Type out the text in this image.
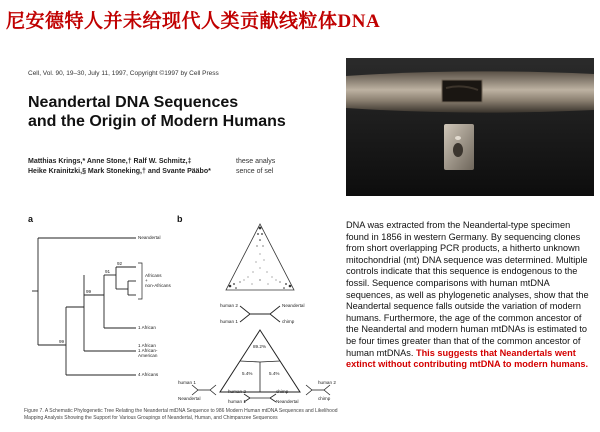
尼安德特人并未给现代人类贡献线粒体DNA
Cell, Vol. 90, 19–30, July 11, 1997, Copyright ©1997 by Cell Press
Neandertal DNA Sequences
and the Origin of Modern Humans
Matthias Krings,* Anne Stone,† Ralf W. Schmitz,‡
Heike Krainitzki,§ Mark Stoneking,† and Svante Pääbo*
these analys
sence of sel
a	b
Neandertal
Africans
+
non-Africans
1 African
1 African
1 African-
American
4 Africans
92
91
99
99
human 2
human 1
Neandertal
chimp
89.2%
5.4%	5.4%
human 1
Neandertal
human 2	chimp
human 1
human 2
Neandertal
chimp
Figure 7. A Schematic Phylogenetic Tree Relating the Neandertal mtDNA Sequence to 986 Modern Human mtDNA Sequences and Likelihood Mapping Analysis Showing the Support for Various Groupings of Neandertal, Human, and Chimpanzee Sequences
DNA was extracted from the Neandertal-type specimen found in 1856 in western Germany. By sequencing clones from short overlapping PCR products, a hitherto unknown mitochondrial (mt) DNA sequence was determined. Multiple controls indicate that this sequence is endogenous to the fossil. Sequence comparisons with human mtDNA sequences, as well as phylogenetic analyses, show that the Neandertal sequence falls outside the variation of modern humans. Furthermore, the age of the common ancestor of the Neandertal and modern human mtDNAs is estimated to be four times greater than that of the common ancestor of human mtDNAs. This suggests that Neandertals went extinct without contributing mtDNA to modern humans.
